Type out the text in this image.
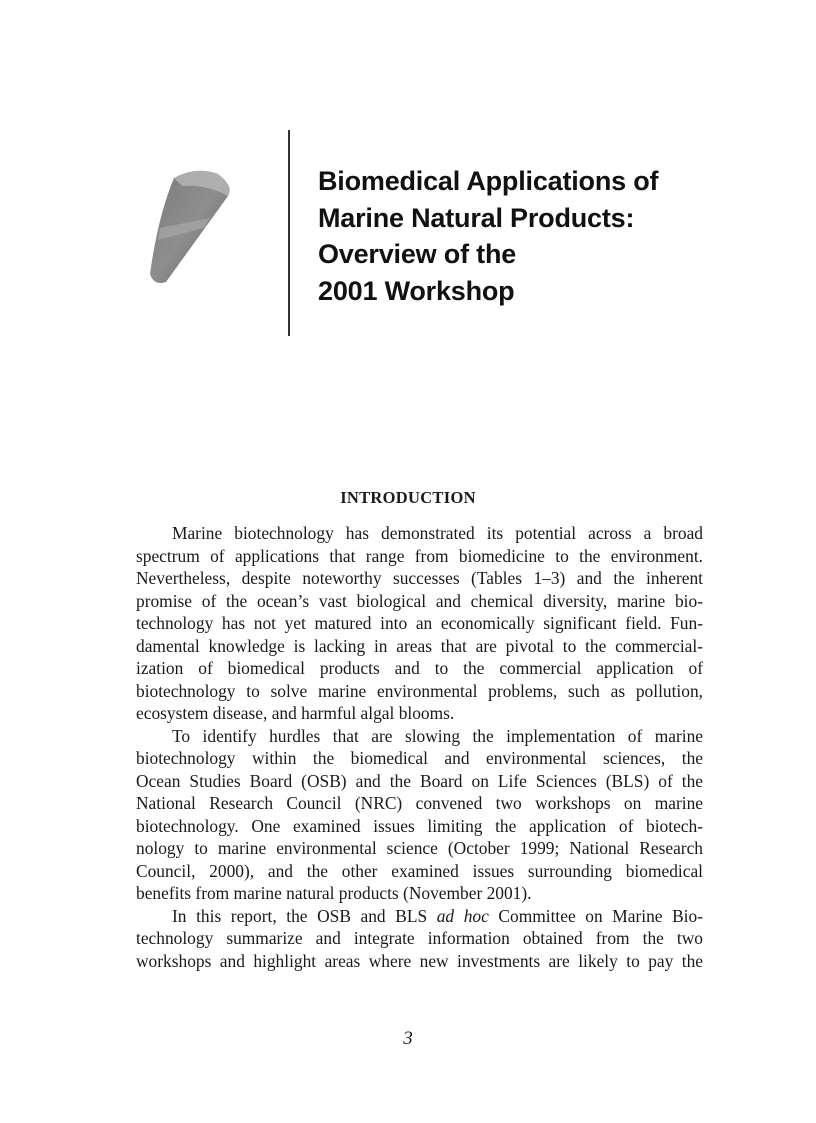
Biomedical Applications of
Marine Natural Products:
Overview of the
2001 Workshop
INTRODUCTION
Marine biotechnology has demonstrated its potential across a broad
spectrum of applications that range from biomedicine to the environment.
Nevertheless, despite noteworthy successes (Tables 1–3) and the inherent
promise of the ocean’s vast biological and chemical diversity, marine bio-
technology has not yet matured into an economically significant field. Fun-
damental knowledge is lacking in areas that are pivotal to the commercial-
ization of biomedical products and to the commercial application of
biotechnology to solve marine environmental problems, such as pollution,
ecosystem disease, and harmful algal blooms.
To identify hurdles that are slowing the implementation of marine
biotechnology within the biomedical and environmental sciences, the
Ocean Studies Board (OSB) and the Board on Life Sciences (BLS) of the
National Research Council (NRC) convened two workshops on marine
biotechnology. One examined issues limiting the application of biotech-
nology to marine environmental science (October 1999; National Research
Council, 2000), and the other examined issues surrounding biomedical
benefits from marine natural products (November 2001).
In this report, the OSB and BLS ad hoc Committee on Marine Bio-
technology summarize and integrate information obtained from the two
workshops and highlight areas where new investments are likely to pay the
3
